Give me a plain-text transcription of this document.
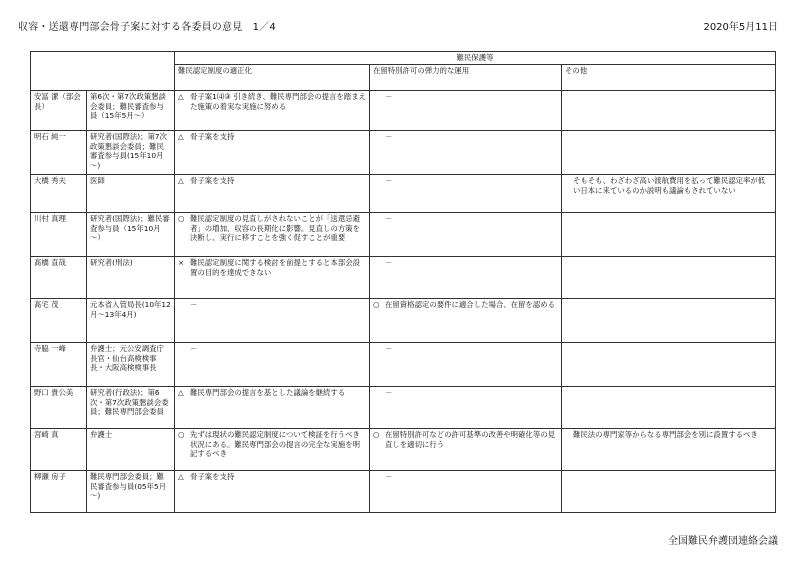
収容・送還専門部会骨子案に対する各委員の意見　1／4	2020年5月11日
		難民保護等		
		難民認定制度の適正化	在留特別許可の弾力的な運用	その他
安冨 潔（部会長）	第6次・第7次政策懇談会委員；難民審査参与員（15年5月～）	△ 骨子案1⑷③ 引き続き、難民専門部会の提言を踏まえた施策の着実な実施に努める	－	

明石 純一	研究者(国際法)；第7次政策懇談会委員；難民審査参与員(15年10月～)	△ 骨子案を支持	－	

大橋 秀夫	医師	△ 骨子案を支持	－	そもそも、わざわざ高い渡航費用を払って難民認定率が低い日本に来ているのか説明も議論もされていない

川村 真理	研究者(国際法)；難民審査参与員（15年10月～）	○ 難民認定制度の見直しがされないことが「送還忌避者」の増加、収容の長期化に影響。見直しの方策を決断し、実行に移すことを強く促すことが重要	－	

髙橋 直哉	研究者(刑法)	× 難民認定制度に関する検討を前提とすると本部会設置の目的を達成できない	－	

髙宅 茂	元本省入管局長(10年12月～13年4月)	－	○ 在留資格認定の要件に適合した場合、在留を認める	

寺脇 一峰	弁護士；元公安調査庁長官・仙台高検検事長・大阪高検検事長	－	－	

野口 貴公美	研究者(行政法)；第6次・第7次政策懇談会委員；難民専門部会委員	△ 難民専門部会の提言を基とした議論を継続する	－	

宮崎 真	弁護士	○ 先ずは現状の難民認定制度について検証を行うべき状況にある。難民専門部会の提言の完全な実施を明記するべき	○ 在留特別許可などの許可基準の改善や明確化等の見直しを適切に行う	難民法の専門家等からなる専門部会を別に設置するべき

柳瀬 房子	難民専門部会委員；難民審査参与員(05年5月～)	△ 骨子案を支持	－	

全国難民弁護団連絡会議
